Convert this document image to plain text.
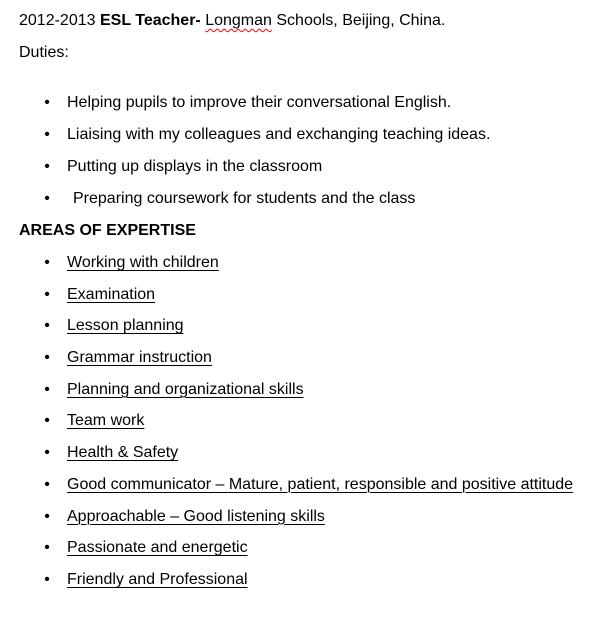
2012-2013 ESL Teacher- Longman Schools, Beijing, China.
Duties:
• Helping pupils to improve their conversational English.
• Liaising with my colleagues and exchanging teaching ideas.
• Putting up displays in the classroom
• Preparing coursework for students and the class
AREAS OF EXPERTISE
• Working with children
• Examination
• Lesson planning
• Grammar instruction
• Planning and organizational skills
• Team work
• Health & Safety
• Good communicator – Mature, patient, responsible and positive attitude
• Approachable – Good listening skills
• Passionate and energetic
• Friendly and Professional
